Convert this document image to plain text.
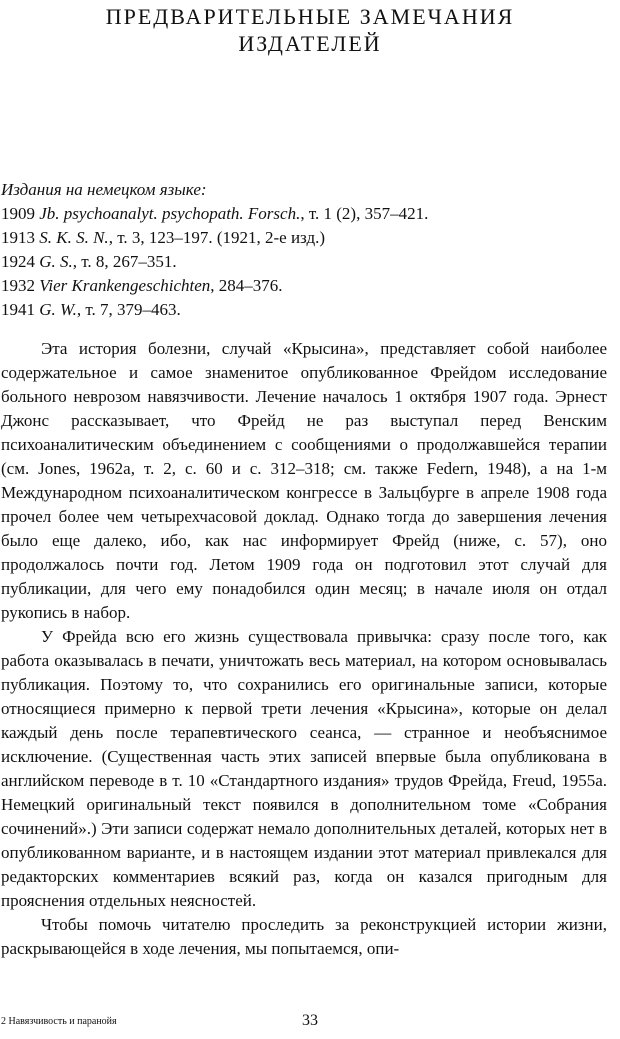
ПРЕДВАРИТЕЛЬНЫЕ ЗАМЕЧАНИЯ
ИЗДАТЕЛЕЙ
Издания на немецком языке:
1909 Jb. psychoanalyt. psychopath. Forsch., т. 1 (2), 357–421.
1913 S. K. S. N., т. 3, 123–197. (1921, 2-е изд.)
1924 G. S., т. 8, 267–351.
1932 Vier Krankengeschichten, 284–376.
1941 G. W., т. 7, 379–463.

Эта история болезни, случай «Крысина», представляет собой наиболее содержательное и самое знаменитое опубликованное Фрейдом исследование больного неврозом навязчивости. Лечение началось 1 октября 1907 года. Эрнест Джонс рассказывает, что Фрейд не раз выступал перед Венским психоаналитическим объединением с сообщениями о продолжавшейся терапии (см. Jones, 1962a, т. 2, с. 60 и с. 312–318; см. также Federn, 1948), а на 1-м Международном психоаналитическом конгрессе в Зальцбурге в апреле 1908 года прочел более чем четырехчасовой доклад. Однако тогда до завершения лечения было еще далеко, ибо, как нас информирует Фрейд (ниже, с. 57), оно продолжалось почти год. Летом 1909 года он подготовил этот случай для публикации, для чего ему понадобился один месяц; в начале июля он отдал рукопись в набор.

У Фрейда всю его жизнь существовала привычка: сразу после того, как работа оказывалась в печати, уничтожать весь материал, на котором основывалась публикация. Поэтому то, что сохранились его оригинальные записи, которые относящиеся примерно к первой трети лечения «Крысина», которые он делал каждый день после терапевтического сеанса, — странное и необъяснимое исключение. (Существенная часть этих записей впервые была опубликована в английском переводе в т. 10 «Стандартного издания» трудов Фрейда, Freud, 1955a. Немецкий оригинальный текст появился в дополнительном томе «Собрания сочинений».) Эти записи содержат немало дополнительных деталей, которых нет в опубликованном варианте, и в настоящем издании этот материал привлекался для редакторских комментариев всякий раз, когда он казался пригодным для прояснения отдельных неясностей.

Чтобы помочь читателю проследить за реконструкцией истории жизни, раскрывающейся в ходе лечения, мы попытаемся, опи-

2 Навязчивость и паранойя	33
